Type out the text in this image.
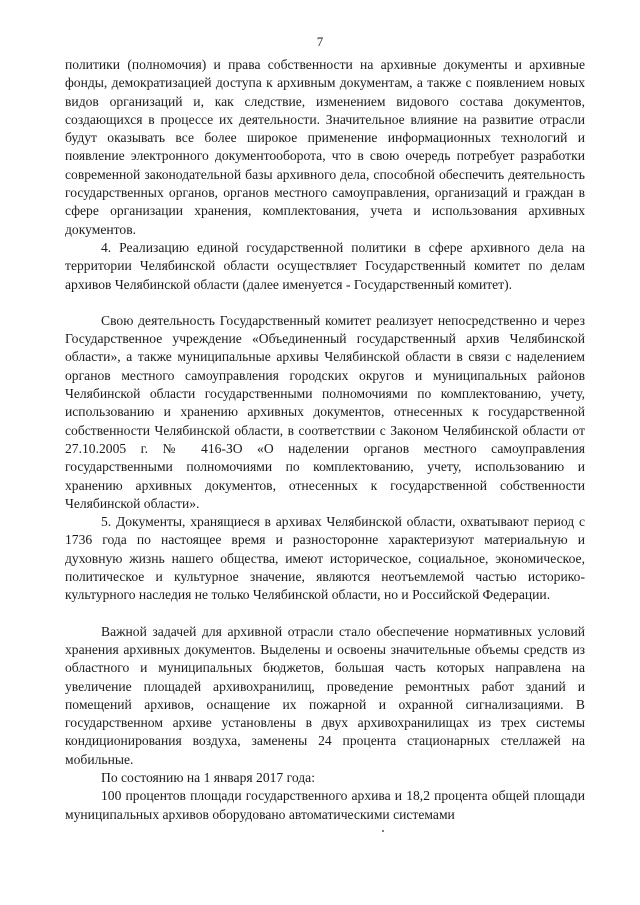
7

политики (полномочия) и права собственности на архивные документы и архивные фонды, демократизацией доступа к архивным документам, а также с появлением новых видов организаций и, как следствие, изменением видового состава документов, создающихся в процессе их деятельности. Значительное влияние на развитие отрасли будут оказывать все более широкое применение информационных технологий и появление электронного документооборота, что в свою очередь потребует разработки современной законодательной базы архивного дела, способной обеспечить деятельность государственных органов, органов местного самоуправления, организаций и граждан в сфере организации хранения, комплектования, учета и использования архивных документов.

4. Реализацию единой государственной политики в сфере архивного дела на территории Челябинской области осуществляет Государственный комитет по делам архивов Челябинской области (далее именуется - Государственный комитет).

Свою деятельность Государственный комитет реализует непосредственно и через Государственное учреждение «Объединенный государственный архив Челябинской области», а также муниципальные архивы Челябинской области в связи с наделением органов местного самоуправления городских округов и муниципальных районов Челябинской области государственными полномочиями по комплектованию, учету, использованию и хранению архивных документов, отнесенных к государственной собственности Челябинской области, в соответствии с Законом Челябинской области от 27.10.2005 г. № 416-ЗО «О наделении органов местного самоуправления государственными полномочиями по комплектованию, учету, использованию и хранению архивных документов, отнесенных к государственной собственности Челябинской области».

5. Документы, хранящиеся в архивах Челябинской области, охватывают период с 1736 года по настоящее время и разносторонне характеризуют материальную и духовную жизнь нашего общества, имеют историческое, социальное, экономическое, политическое и культурное значение, являются неотъемлемой частью историко-культурного наследия не только Челябинской области, но и Российской Федерации.

Важной задачей для архивной отрасли стало обеспечение нормативных условий хранения архивных документов. Выделены и освоены значительные объемы средств из областного и муниципальных бюджетов, большая часть которых направлена на увеличение площадей архивохранилищ, проведение ремонтных работ зданий и помещений архивов, оснащение их пожарной и охранной сигнализациями. В государственном архиве установлены в двух архивохранилищах из трех системы кондиционирования воздуха, заменены 24 процента стационарных стеллажей на мобильные.

По состоянию на 1 января 2017 года:

100 процентов площади государственного архива и 18,2 процента общей площади муниципальных архивов оборудовано автоматическими системами
